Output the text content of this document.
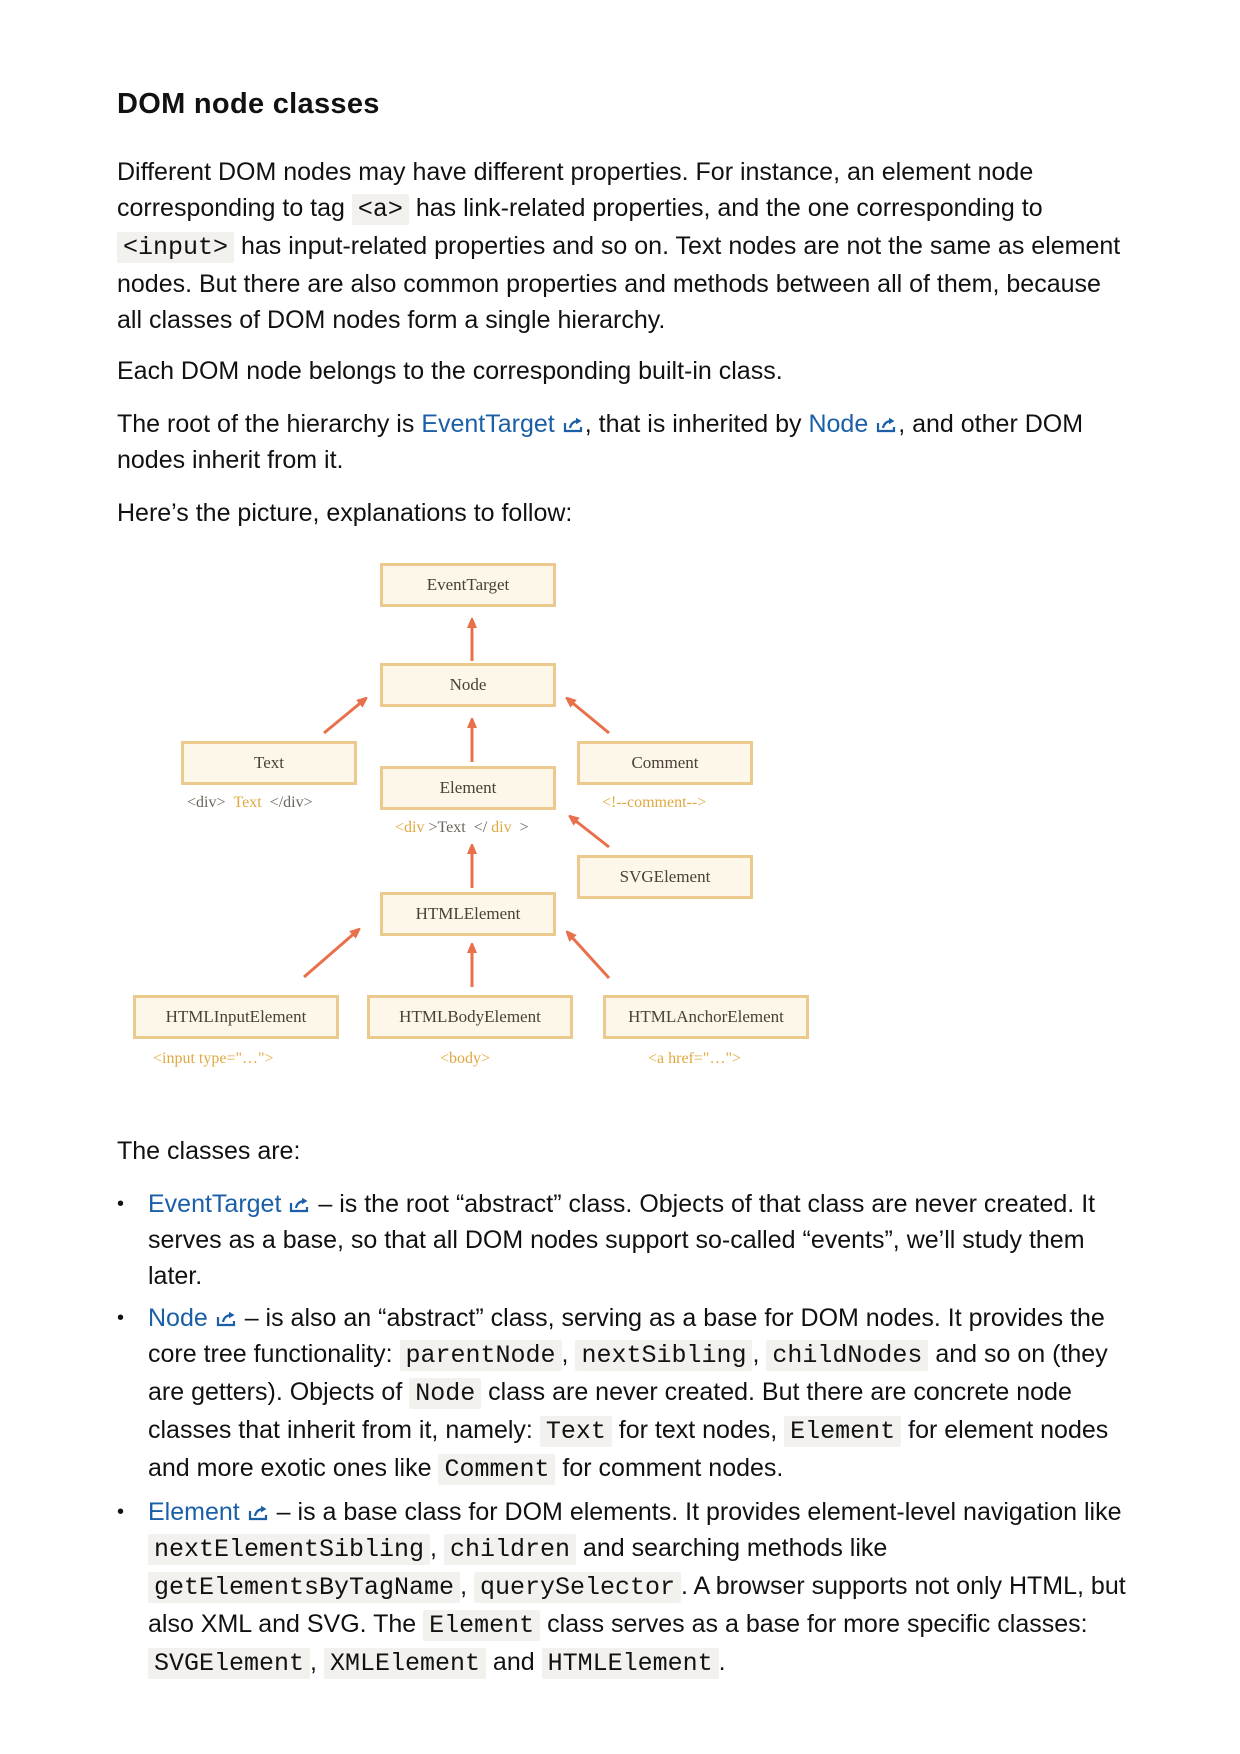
DOM node classes

Different DOM nodes may have different properties. For instance, an element node corresponding to tag <a> has link-related properties, and the one corresponding to <input> has input-related properties and so on. Text nodes are not the same as element nodes. But there are also common properties and methods between all of them, because all classes of DOM nodes form a single hierarchy.

Each DOM node belongs to the corresponding built-in class.

The root of the hierarchy is EventTarget , that is inherited by Node , and other DOM nodes inherit from it.

Here’s the picture, explanations to follow:

EventTarget
Node
Text	Comment
Element
SVGElement
HTMLElement
HTMLInputElement	HTMLBodyElement	HTMLAnchorElement
<div> Text </div>	<!--comment-->
<div >Text </ div >
<input type="…">	<body>	<a href="…">

The classes are:

• EventTarget
– is the root “abstract” class. Objects of that class are never created. It serves as a base, so that all DOM nodes support so-called “events”, we’ll study them later.
• Node
– is also an “abstract” class, serving as a base for DOM nodes. It provides the core tree functionality: parentNode , nextSibling , childNodes and so on (they are getters). Objects of Node class are never created. But there are concrete node classes that inherit from it, namely: Text for text nodes, Element for element nodes and more exotic ones like Comment for comment nodes.
• Element
– is a base class for DOM elements. It provides element-level navigation like nextElementSibling , children and searching methods like getElementsByTagName , querySelector . A browser supports not only HTML, but also XML and SVG. The Element class serves as a base for more specific classes: SVGElement , XMLElement and HTMLElement .
